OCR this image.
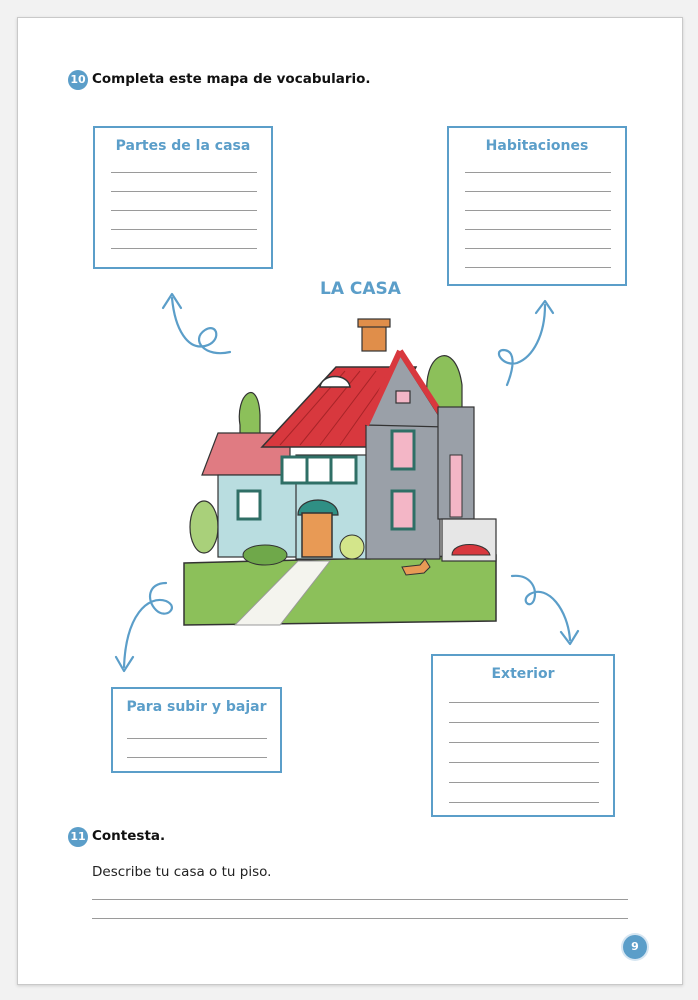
10 Completa este mapa de vocabulario.
Partes de la casa	Habitaciones
LA CASA
Para subir y bajar
Exterior
11 Contesta.
Describe tu casa o tu piso.
9
